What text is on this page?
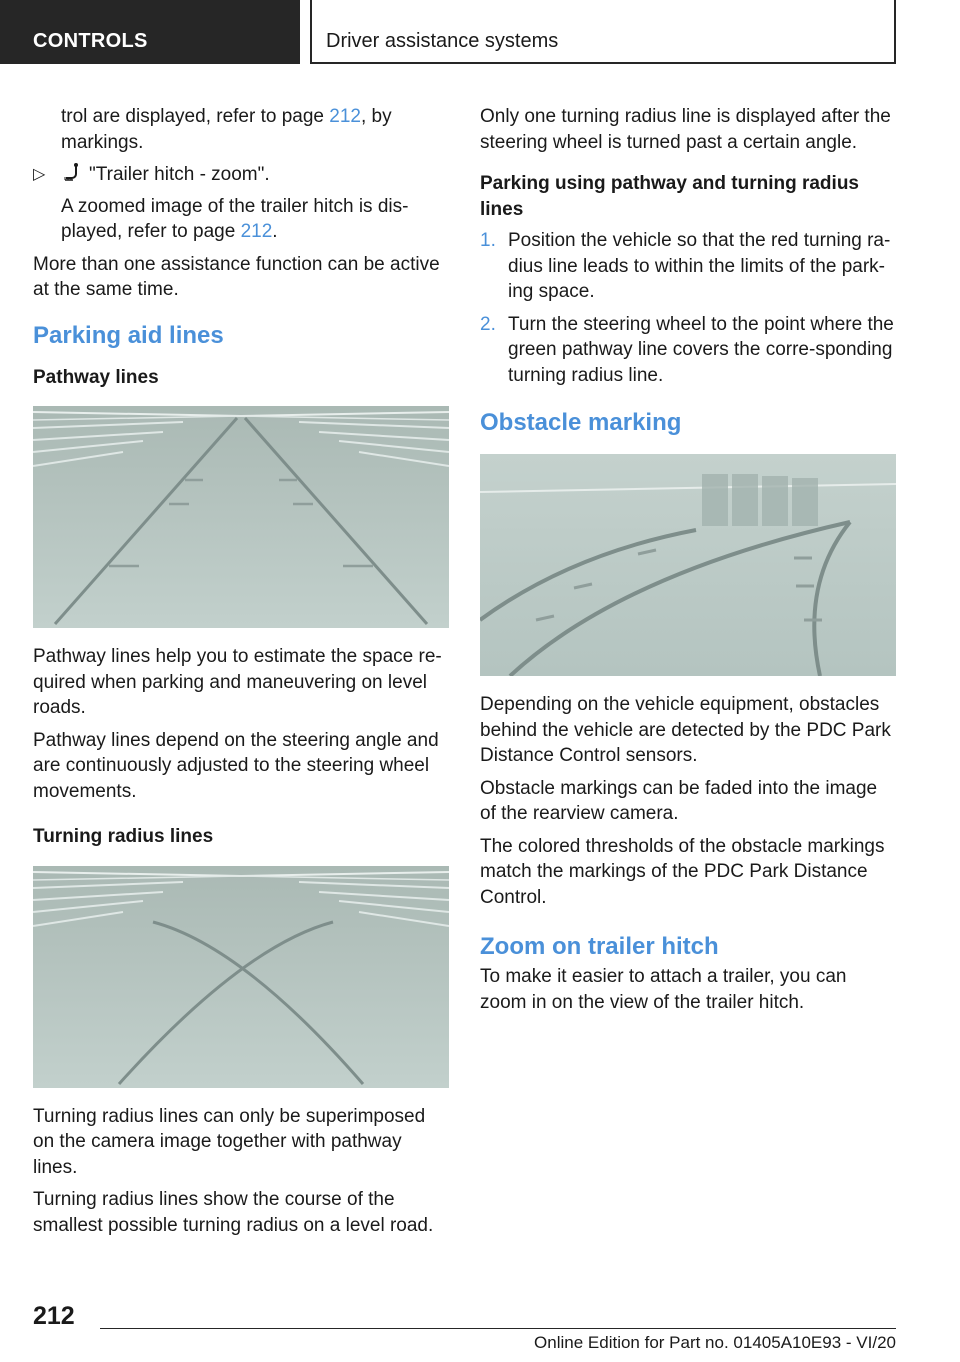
CONTROLS	Driver assistance systems

trol are displayed, refer to page 212, by markings.

▷	"Trailer hitch - zoom".

A zoomed image of the trailer hitch is dis-played, refer to page 212.

More than one assistance function can be active at the same time.

Parking aid lines
Pathway lines

Pathway lines help you to estimate the space re-quired when parking and maneuvering on level roads.

Pathway lines depend on the steering angle and are continuously adjusted to the steering wheel movements.

Turning radius lines

Turning radius lines can only be superimposed on the camera image together with pathway lines.

Turning radius lines show the course of the smallest possible turning radius on a level road.

Only one turning radius line is displayed after the steering wheel is turned past a certain angle.

Parking using pathway and turning radius lines
1. Position the vehicle so that the red turning ra-dius line leads to within the limits of the park-ing space.
2. Turn the steering wheel to the point where the green pathway line covers the corre-sponding turning radius line.
Obstacle marking

Depending on the vehicle equipment, obstacles behind the vehicle are detected by the PDC Park Distance Control sensors.

Obstacle markings can be faded into the image of the rearview camera.

The colored thresholds of the obstacle markings match the markings of the PDC Park Distance Control.

Zoom on trailer hitch

To make it easier to attach a trailer, you can zoom in on the view of the trailer hitch.

212
Online Edition for Part no. 01405A10E93 - VI/20
